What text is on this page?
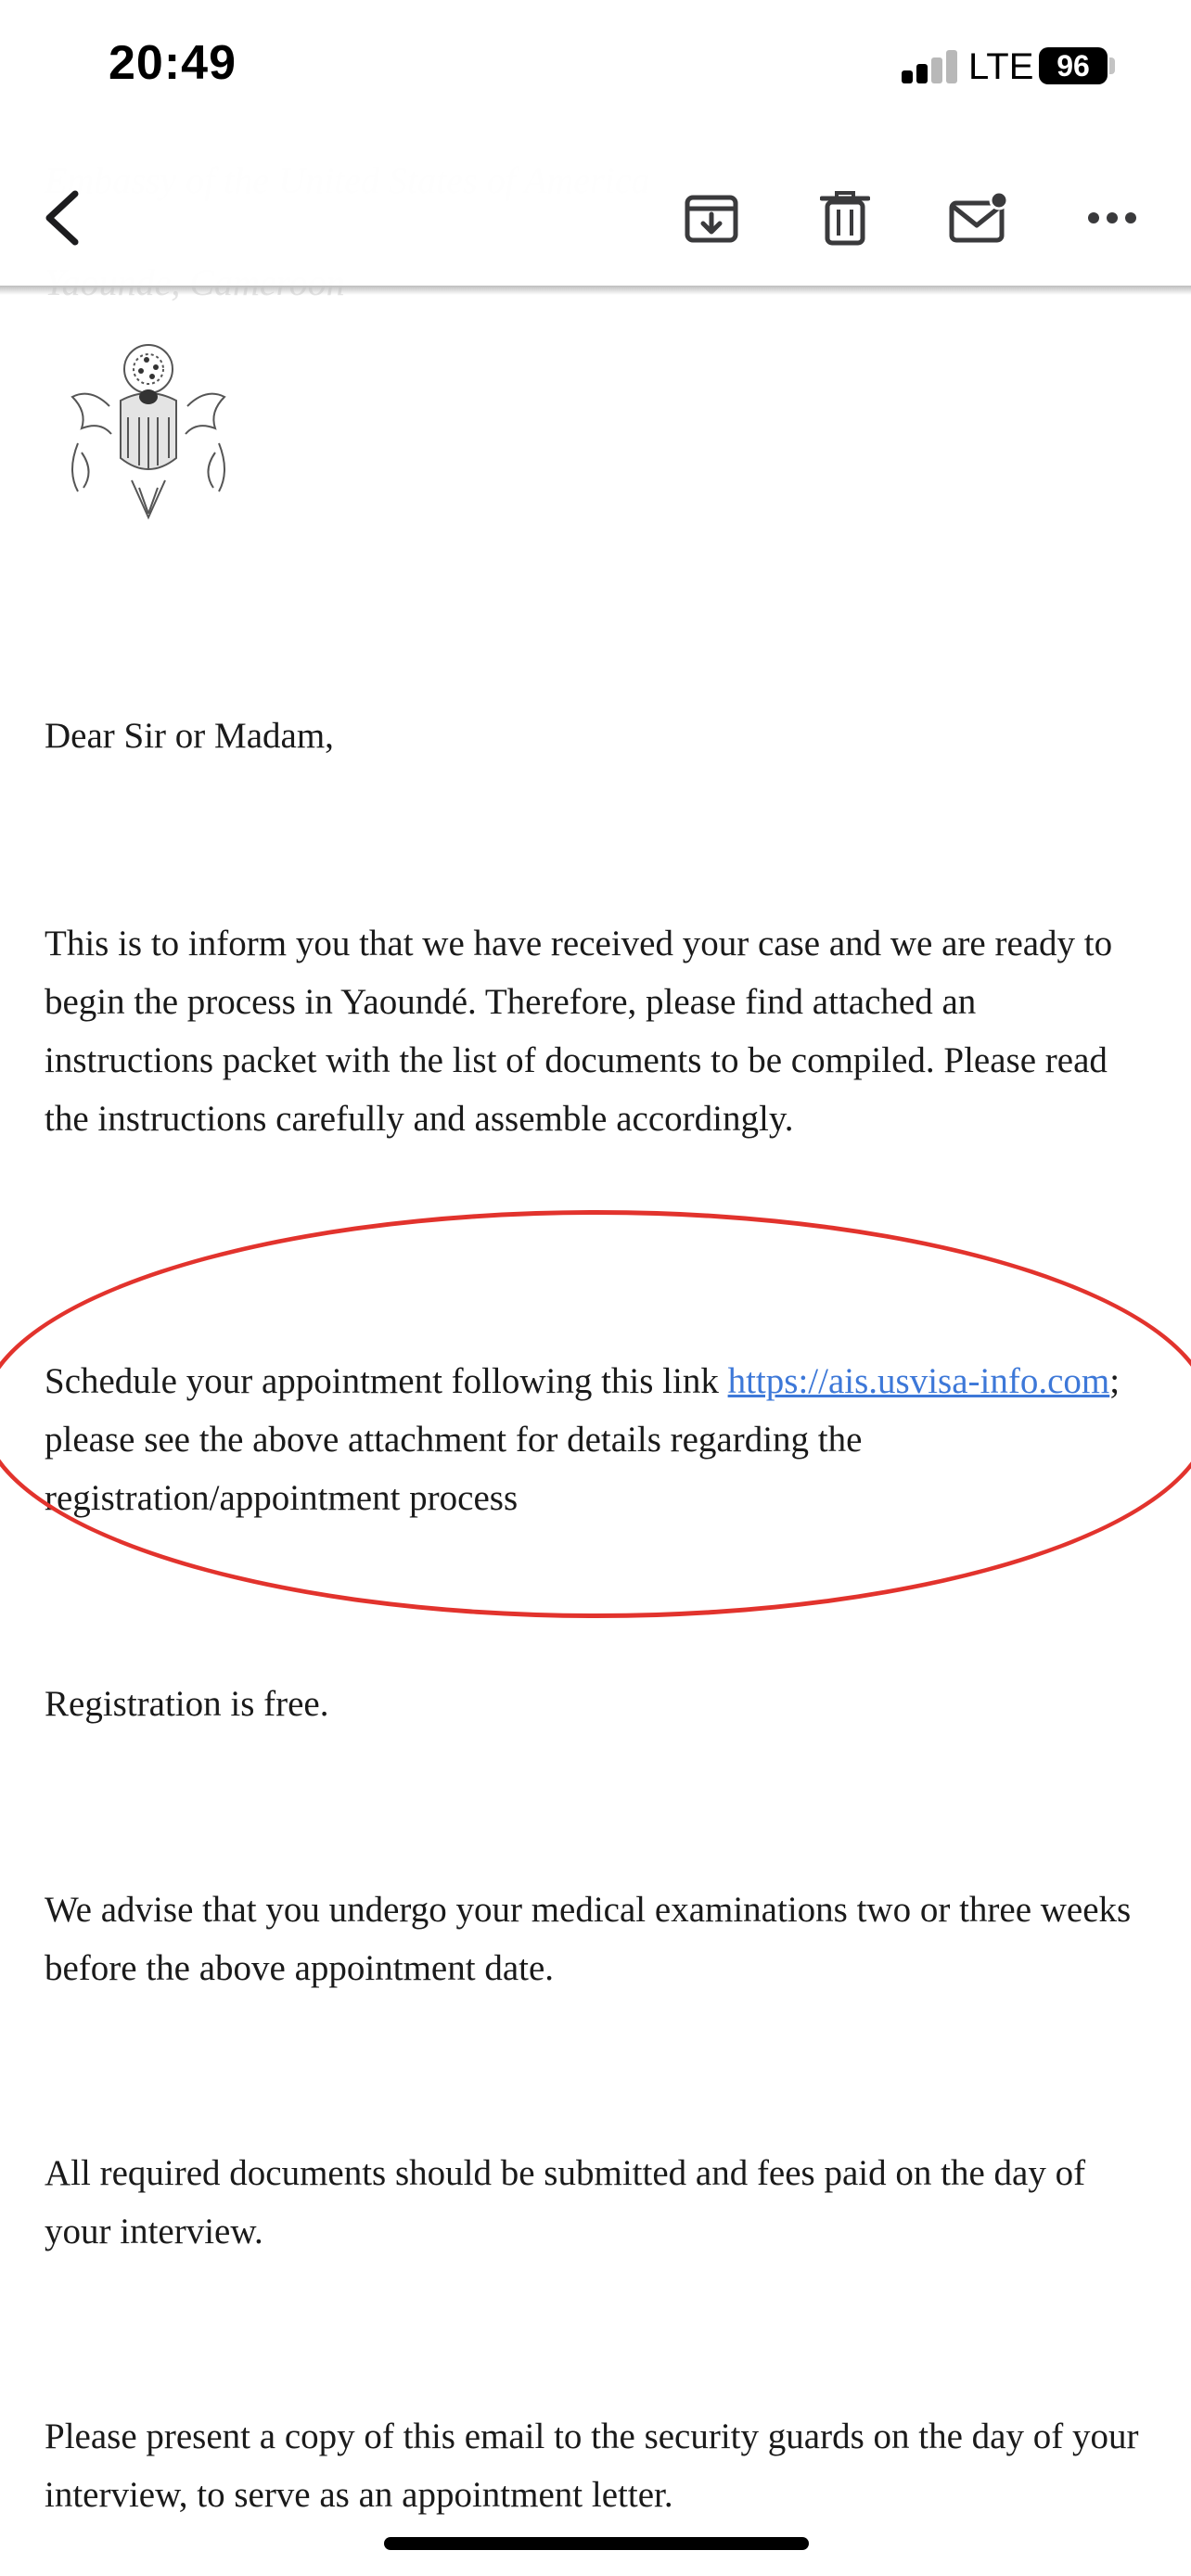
20:49	LTE 96

Dear Sir or Madam,

This is to inform you that we have received your case and we are ready to begin the process in Yaoundé. Therefore, please find attached an instructions packet with the list of documents to be compiled. Please read the instructions carefully and assemble accordingly.

Schedule your appointment following this link https://ais.usvisa-info.com; please see the above attachment for details regarding the registration/appointment process

Registration is free.

We advise that you undergo your medical examinations two or three weeks before the above appointment date.

All required documents should be submitted and fees paid on the day of your interview.

Please present a copy of this email to the security guards on the day of your interview, to serve as an appointment letter.
